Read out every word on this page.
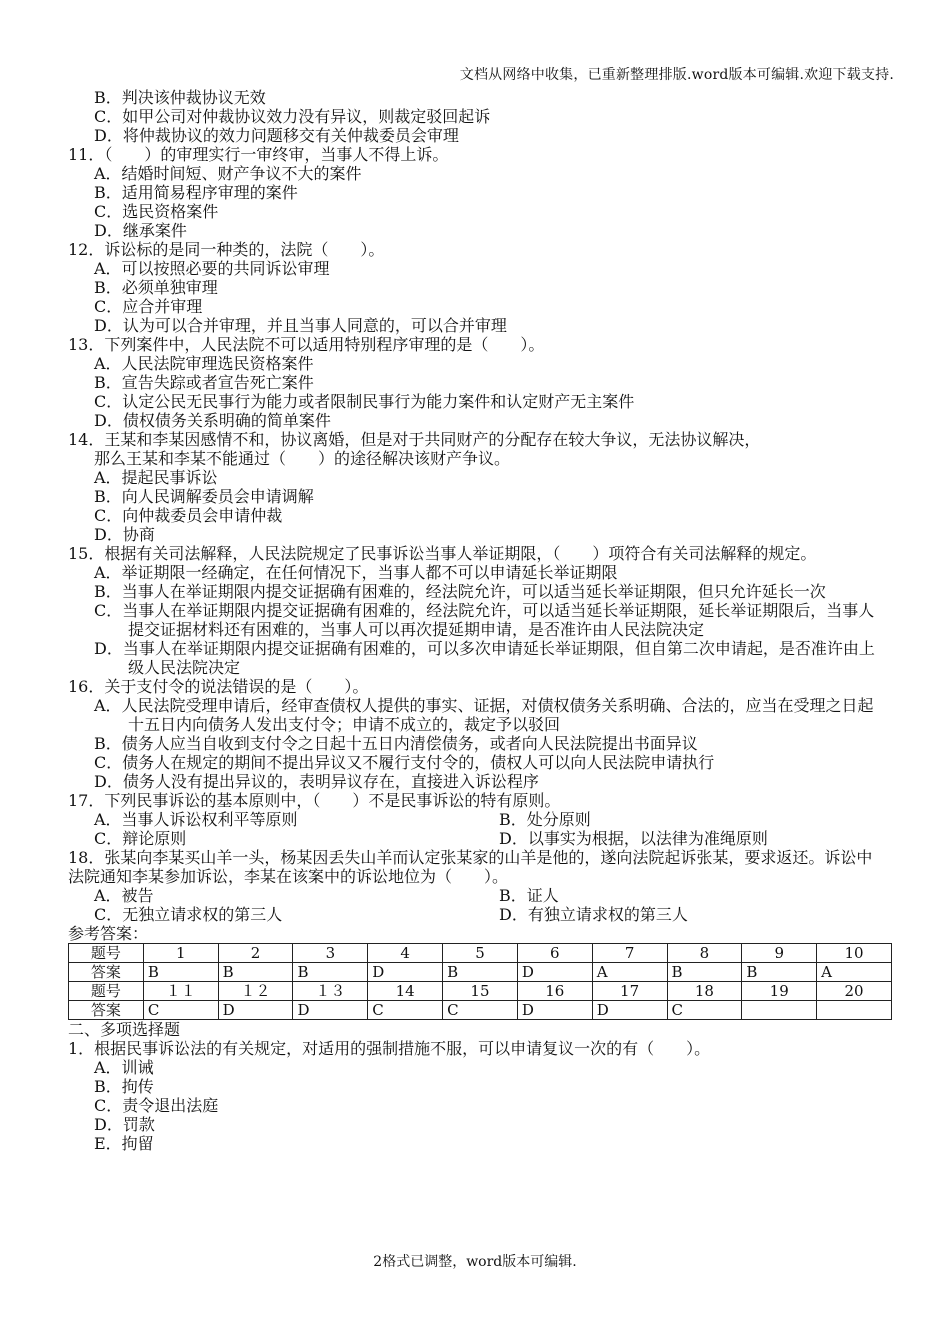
文档从网络中收集，已重新整理排版.word版本可编辑.欢迎下载支持.
B．判决该仲裁协议无效
C．如甲公司对仲裁协议效力没有异议，则裁定驳回起诉
D．将仲裁协议的效力问题移交有关仲裁委员会审理
11．（　　）的审理实行一审终审，当事人不得上诉。
A．结婚时间短、财产争议不大的案件
B．适用简易程序审理的案件
C．选民资格案件
D．继承案件
12．诉讼标的是同一种类的，法院（　　）。
A．可以按照必要的共同诉讼审理
B．必须单独审理
C．应合并审理
D．认为可以合并审理，并且当事人同意的，可以合并审理
13．下列案件中，人民法院不可以适用特别程序审理的是（　　）。
A．人民法院审理选民资格案件
B．宣告失踪或者宣告死亡案件
C．认定公民无民事行为能力或者限制民事行为能力案件和认定财产无主案件
D．债权债务关系明确的简单案件
14．王某和李某因感情不和，协议离婚，但是对于共同财产的分配存在较大争议，无法协议解决，
那么王某和李某不能通过（　　）的途径解决该财产争议。
A．提起民事诉讼
B．向人民调解委员会申请调解
C．向仲裁委员会申请仲裁
D．协商
15．根据有关司法解释，人民法院规定了民事诉讼当事人举证期限，（　　）项符合有关司法解释的规定。
A．举证期限一经确定，在任何情况下，当事人都不可以申请延长举证期限
B．当事人在举证期限内提交证据确有困难的，经法院允许，可以适当延长举证期限，但只允许延长一次
C．当事人在举证期限内提交证据确有困难的，经法院允许，可以适当延长举证期限，延长举证期限后，当事人提交证据材料还有困难的，当事人可以再次提延期申请，是否准许由人民法院决定
D．当事人在举证期限内提交证据确有困难的，可以多次申请延长举证期限，但自第二次申请起，是否准许由上级人民法院决定
16．关于支付令的说法错误的是（　　）。
A．人民法院受理申请后，经审查债权人提供的事实、证据，对债权债务关系明确、合法的，应当在受理之日起十五日内向债务人发出支付令；申请不成立的，裁定予以驳回
B．债务人应当自收到支付令之日起十五日内清偿债务，或者向人民法院提出书面异议
C．债务人在规定的期间不提出异议又不履行支付令的，债权人可以向人民法院申请执行
D．债务人没有提出异议的，表明异议存在，直接进入诉讼程序
17．下列民事诉讼的基本原则中，（　　）不是民事诉讼的特有原则。
A．当事人诉讼权利平等原则	B．处分原则
C．辩论原则	D．以事实为根据，以法律为准绳原则
18．张某向李某买山羊一头，杨某因丢失山羊而认定张某家的山羊是他的，遂向法院起诉张某，要求返还。诉讼中法院通知李某参加诉讼，李某在该案中的诉讼地位为（　　）。
A．被告	B．证人
C．无独立请求权的第三人	D．有独立请求权的第三人
参考答案：
题号	1	2	3	4	5	6	7	8	9	10
答案	B	B	B	D	B	D	A	B	B	A
题号	１１	１２	１３	14	15	16	17	18	19	20
答案	C	D	D	C	C	D	D	C		
二、多项选择题
1．根据民事诉讼法的有关规定，对适用的强制措施不服，可以申请复议一次的有（　　）。
A．训诫
B．拘传
C．责令退出法庭
D．罚款
E．拘留
2格式已调整，word版本可编辑.
